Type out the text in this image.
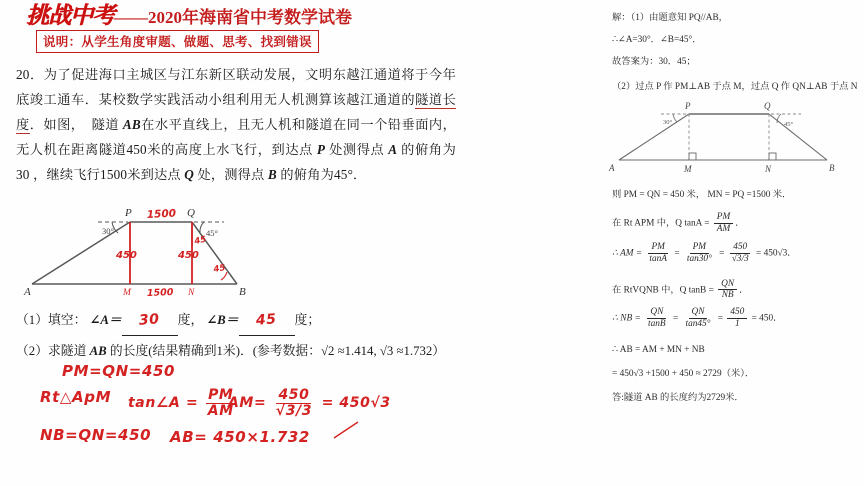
挑战中考 ——2020年海南省中考数学试卷
说明：从学生角度审题、做题、思考、找到错误

20．为了促进海口主城区与江东新区联动发展，文明东越江通道将于今年底竣工通车．某校数学实践活动小组利用无人机测算该越江通道的隧道长度．如图，　隧道 AB在水平直线上，且无人机和隧道在同一个铅垂面内，无人机在距离隧道450米的高度上水飞行，到达点 P 处测得点 A 的俯角为30 ，继续飞行1500米到达点 Q 处，测得点 B 的俯角为45°．

A	B
P	Q
30°	45°
1500
1500
450	450
45
45
M	N
（1）填空： ∠A＝ 30 度， ∠B＝ 45 度；
（2）求隧道 AB 的长度(结果精确到1米)．(参考数据：√2 ≈1.414, √3 ≈1.732）
PM=QN=450
Rt△ApM tan∠A = $\frac{PM}{AM}$
$AM= \frac{450}{√3/3} = 450√3$
NB=QN=450 AB= 450×1.732
解：（1）由题意知 PQ//AB，
∴∠A=30°．∠B=45°．
故答案为：30．45；
（2）过点 P 作 PM⊥AB 于点 M，过点 Q 作 QN⊥AB 于点 N
则 PM = QN = 450 米， MN = PQ =1500 米．
在 Rt APM 中，Q $\tan A = \frac{PM}{AM}$ ．
∴ AM = $\frac{PM}{\tan A} = \frac{PM}{\tan 30^\circ} = \frac{450}{√3/3} = 450√3$．
在 RtVQNB 中，Q $\tan B = \frac{QN}{NB}$ ．
∴ NB = $\frac{QN}{\tan B} = \frac{QN}{\tan 45^\circ} = \frac{450}{1} = 450$．
∴ AB = AM + MN + NB
= 450√3 +1500 + 450 ≈ 2729（米）．
答:隧道 AB 的长度约为2729米．
A	B
P	Q
M	N
30°	45°
